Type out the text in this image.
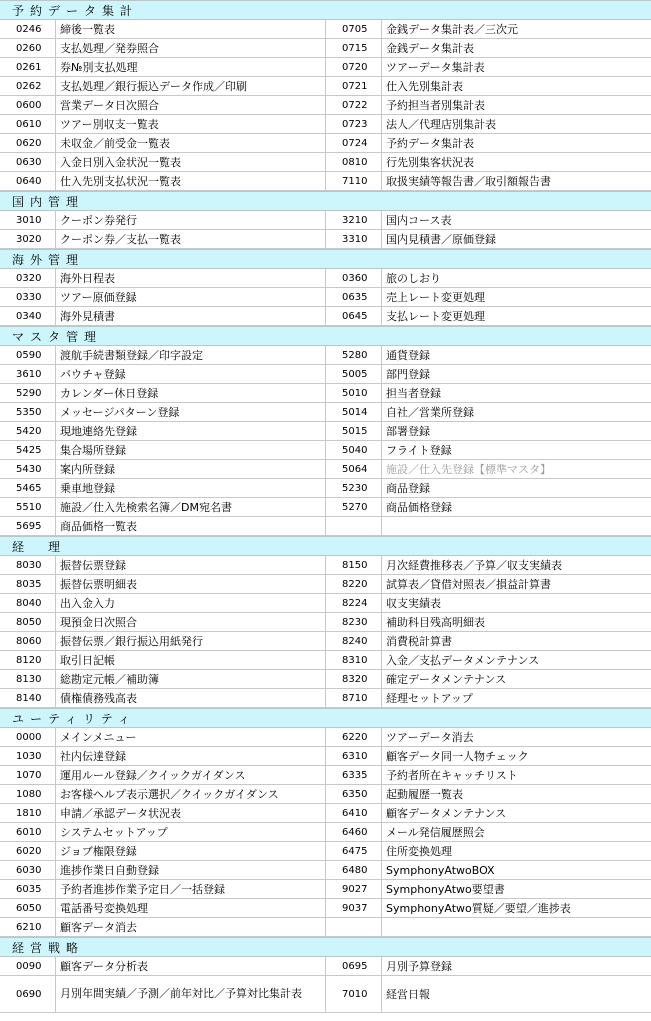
予約データ集計
0246	締後一覧表	0705	金銭データ集計表／三次元
0260	支払処理／発券照合	0715	金銭データ集計表
0261	券№別支払処理	0720	ツアーデータ集計表
0262	支払処理／銀行振込データ作成／印刷	0721	仕入先別集計表
0600	営業データ日次照合	0722	予約担当者別集計表
0610	ツアー別収支一覧表	0723	法人／代理店別集計表
0620	未収金／前受金一覧表	0724	予約データ集計表
0630	入金日別入金状況一覧表	0810	行先別集客状況表
0640	仕入先別支払状況一覧表	7110	取扱実績等報告書／取引額報告書
国内管理
3010	クーポン券発行	3210	国内コース表
3020	クーポン券／支払一覧表	3310	国内見積書／原価登録
海外管理
0320	海外日程表	0360	旅のしおり
0330	ツアー原価登録	0635	売上レート変更処理
0340	海外見積書	0645	支払レート変更処理
マスタ管理
0590	渡航手続書類登録／印字設定	5280	通貨登録
3610	バウチャ登録	5005	部門登録
5290	カレンダー休日登録	5010	担当者登録
5350	メッセージパターン登録	5014	自社／営業所登録
5420	現地連絡先登録	5015	部署登録
5425	集合場所登録	5040	フライト登録
5430	案内所登録	5064	施設／仕入先登録【標準マスタ】
5465	乗車地登録	5230	商品登録
5510	施設／仕入先検索名簿／DM宛名書	5270	商品価格登録
5695	商品価格一覧表
経　理
8030	振替伝票登録	8150	月次経費推移表／予算／収支実績表
8035	振替伝票明細表	8220	試算表／貸借対照表／損益計算書
8040	出入金入力	8224	収支実績表
8050	現預金日次照合	8230	補助科目残高明細表
8060	振替伝票／銀行振込用紙発行	8240	消費税計算書
8120	取引日記帳	8310	入金／支払データメンテナンス
8130	総勘定元帳／補助簿	8320	確定データメンテナンス
8140	債権債務残高表	8710	経理セットアップ
ユーティリティ
0000	メインメニュー	6220	ツアーデータ消去
1030	社内伝達登録	6310	顧客データ同一人物チェック
1070	運用ルール登録／クイックガイダンス	6335	予約者所在キャッチリスト
1080	お客様ヘルプ表示選択／クイックガイダンス	6350	起動履歴一覧表
1810	申請／承認データ状況表	6410	顧客データメンテナンス
6010	システムセットアップ	6460	メール発信履歴照会
6020	ジョブ権限登録	6475	住所変換処理
6030	進捗作業日自動登録	6480	SymphonyAtwoBOX
6035	予約者進捗作業予定日／一括登録	9027	SymphonyAtwo要望書
6050	電話番号変換処理	9037	SymphonyAtwo質疑／要望／進捗表
6210	顧客データ消去
経営戦略
0090	顧客データ分析表	0695	月別予算登録
0690	月別年間実績／予測／前年対比／予算対比集計表	7010	経営日報
